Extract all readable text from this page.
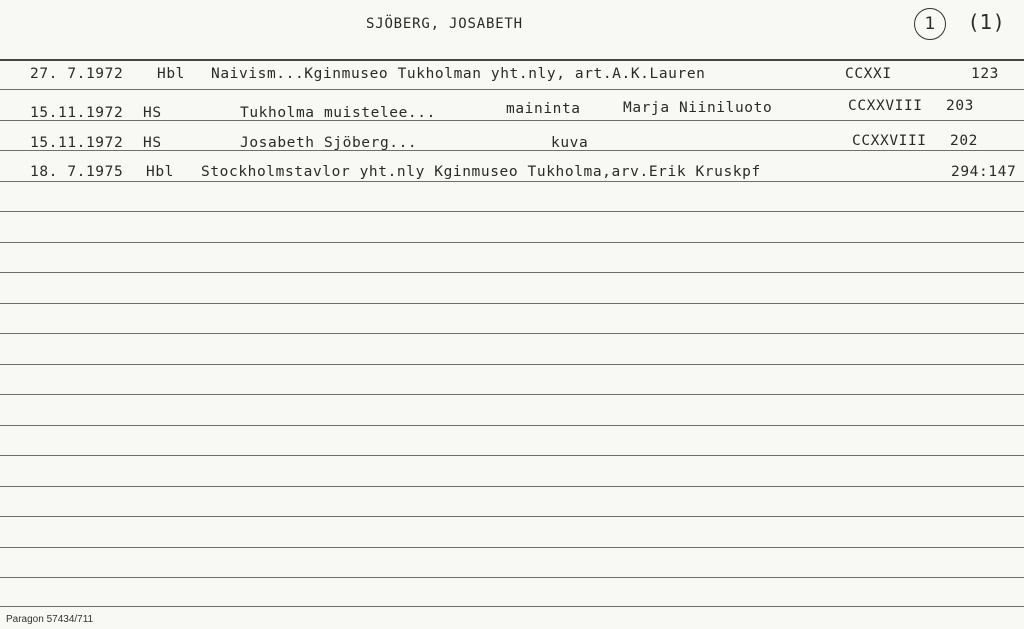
SJÖBERG, JOSABETH	1	(1)
27. 7.1972 Hbl Naivism...Kginmuseo Tukholman yht.nly, art.A.K.Lauren	CCXXI	123
15.11.1972 HS	Tukholma muistelee...	maininta	Marja Niiniluoto	CCXXVIII 203
15.11.1972 HS	Josabeth Sjöberg...	kuva	CCXXVIII 202
18. 7.1975 Hbl Stockholmstavlor yht.nly Kginmuseo Tukholma,arv.Erik Kruskpf	294:147
Paragon 57434/711
